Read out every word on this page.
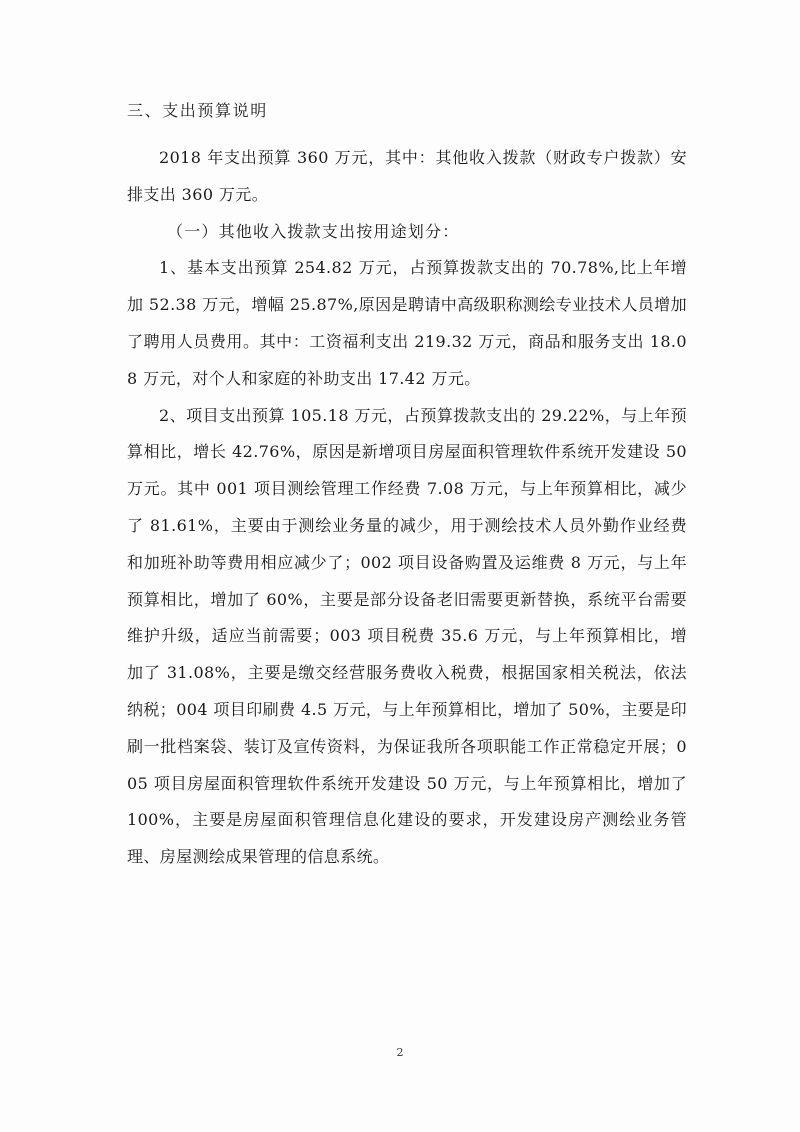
三、支出预算说明

2018 年支出预算 360 万元，其中：其他收入拨款（财政专户拨款）安排支出 360 万元。

（一）其他收入拨款支出按用途划分：

1、基本支出预算 254.82 万元，占预算拨款支出的 70.78%,比上年增加 52.38 万元，增幅 25.87%,原因是聘请中高级职称测绘专业技术人员增加了聘用人员费用。其中：工资福利支出 219.32 万元，商品和服务支出 18.08 万元，对个人和家庭的补助支出 17.42 万元。

2、项目支出预算 105.18 万元，占预算拨款支出的 29.22%，与上年预算相比，增长 42.76%，原因是新增项目房屋面积管理软件系统开发建设 50 万元。其中 001 项目测绘管理工作经费 7.08 万元，与上年预算相比，减少了 81.61%，主要由于测绘业务量的减少，用于测绘技术人员外勤作业经费和加班补助等费用相应减少了；002 项目设备购置及运维费 8 万元，与上年预算相比，增加了 60%，主要是部分设备老旧需要更新替换，系统平台需要维护升级，适应当前需要；003 项目税费 35.6 万元，与上年预算相比，增加了 31.08%，主要是缴交经营服务费收入税费，根据国家相关税法，依法纳税；004 项目印刷费 4.5 万元，与上年预算相比，增加了 50%，主要是印刷一批档案袋、装订及宣传资料，为保证我所各项职能工作正常稳定开展；005 项目房屋面积管理软件系统开发建设 50 万元，与上年预算相比，增加了 100%，主要是房屋面积管理信息化建设的要求，开发建设房产测绘业务管理、房屋测绘成果管理的信息系统。

2
